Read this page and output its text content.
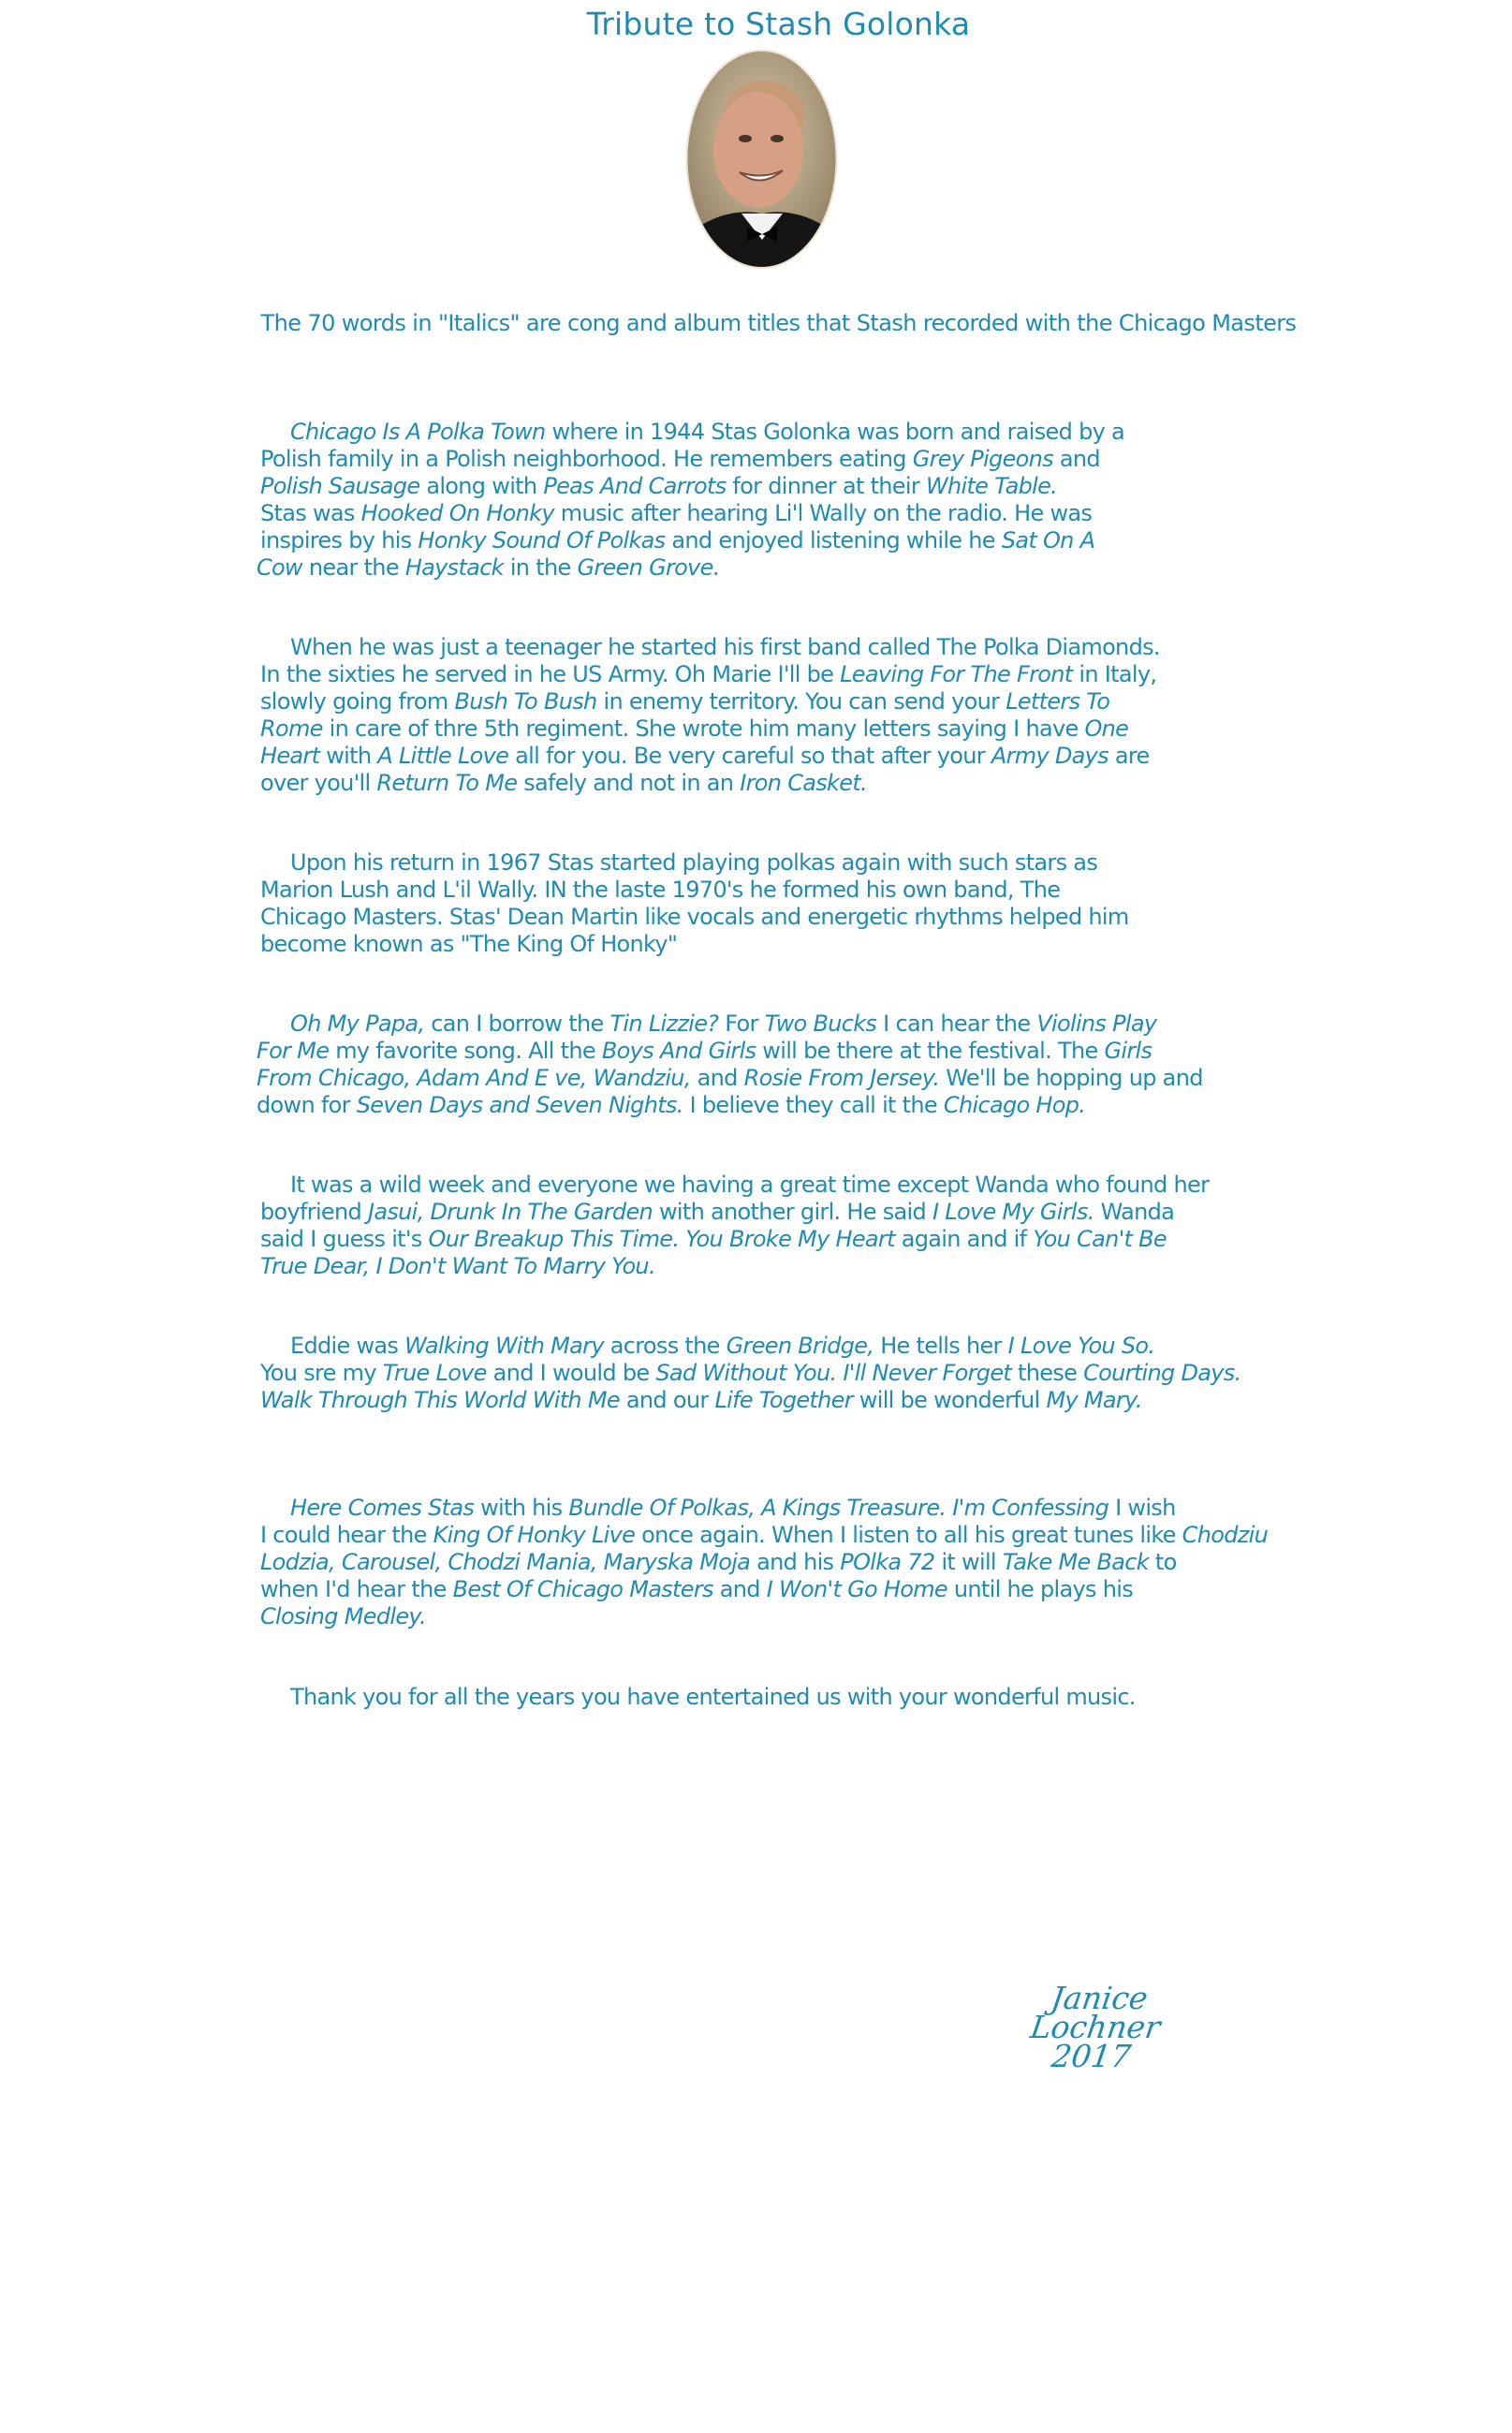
Tribute to Stash Golonka
The 70 words in "Italics" are cong and album titles that Stash recorded with the Chicago Masters
Chicago Is A Polka Town where in 1944 Stas Golonka was born and raised by a
Polish family in a Polish neighborhood. He remembers eating Grey Pigeons and
Polish Sausage along with Peas And Carrots for dinner at their White Table.
Stas was Hooked On Honky music after hearing Li'l Wally on the radio. He was
inspires by his Honky Sound Of Polkas and enjoyed listening while he Sat On A
Cow near the Haystack in the Green Grove.
When he was just a teenager he started his first band called The Polka Diamonds.
In the sixties he served in he US Army. Oh Marie I'll be Leaving For The Front in Italy,
slowly going from Bush To Bush in enemy territory. You can send your Letters To
Rome in care of thre 5th regiment. She wrote him many letters saying I have One
Heart with A Little Love all for you. Be very careful so that after your Army Days are
over you'll Return To Me safely and not in an Iron Casket.
Upon his return in 1967 Stas started playing polkas again with such stars as
Marion Lush and L'il Wally. IN the laste 1970's he formed his own band, The
Chicago Masters. Stas' Dean Martin like vocals and energetic rhythms helped him
become known as "The King Of Honky"
Oh My Papa, can I borrow the Tin Lizzie? For Two Bucks I can hear the Violins Play
For Me my favorite song. All the Boys And Girls will be there at the festival. The Girls
From Chicago, Adam And E ve, Wandziu, and Rosie From Jersey. We'll be hopping up and
down for Seven Days and Seven Nights. I believe they call it the Chicago Hop.
It was a wild week and everyone we having a great time except Wanda who found her
boyfriend Jasui, Drunk In The Garden with another girl. He said I Love My Girls. Wanda
said I guess it's Our Breakup This Time. You Broke My Heart again and if You Can't Be
True Dear, I Don't Want To Marry You.
Eddie was Walking With Mary across the Green Bridge, He tells her I Love You So.
You sre my True Love and I would be Sad Without You. I'll Never Forget these Courting Days.
Walk Through This World With Me and our Life Together will be wonderful My Mary.
Here Comes Stas with his Bundle Of Polkas, A Kings Treasure. I'm Confessing I wish
I could hear the King Of Honky Live once again. When I listen to all his great tunes like Chodziu
Lodzia, Carousel, Chodzi Mania, Maryska Moja and his POlka 72 it will Take Me Back to
when I'd hear the Best Of Chicago Masters and I Won't Go Home until he plays his
Closing Medley.
Thank you for all the years you have entertained us with your wonderful music.
Janice Lochner
2017
